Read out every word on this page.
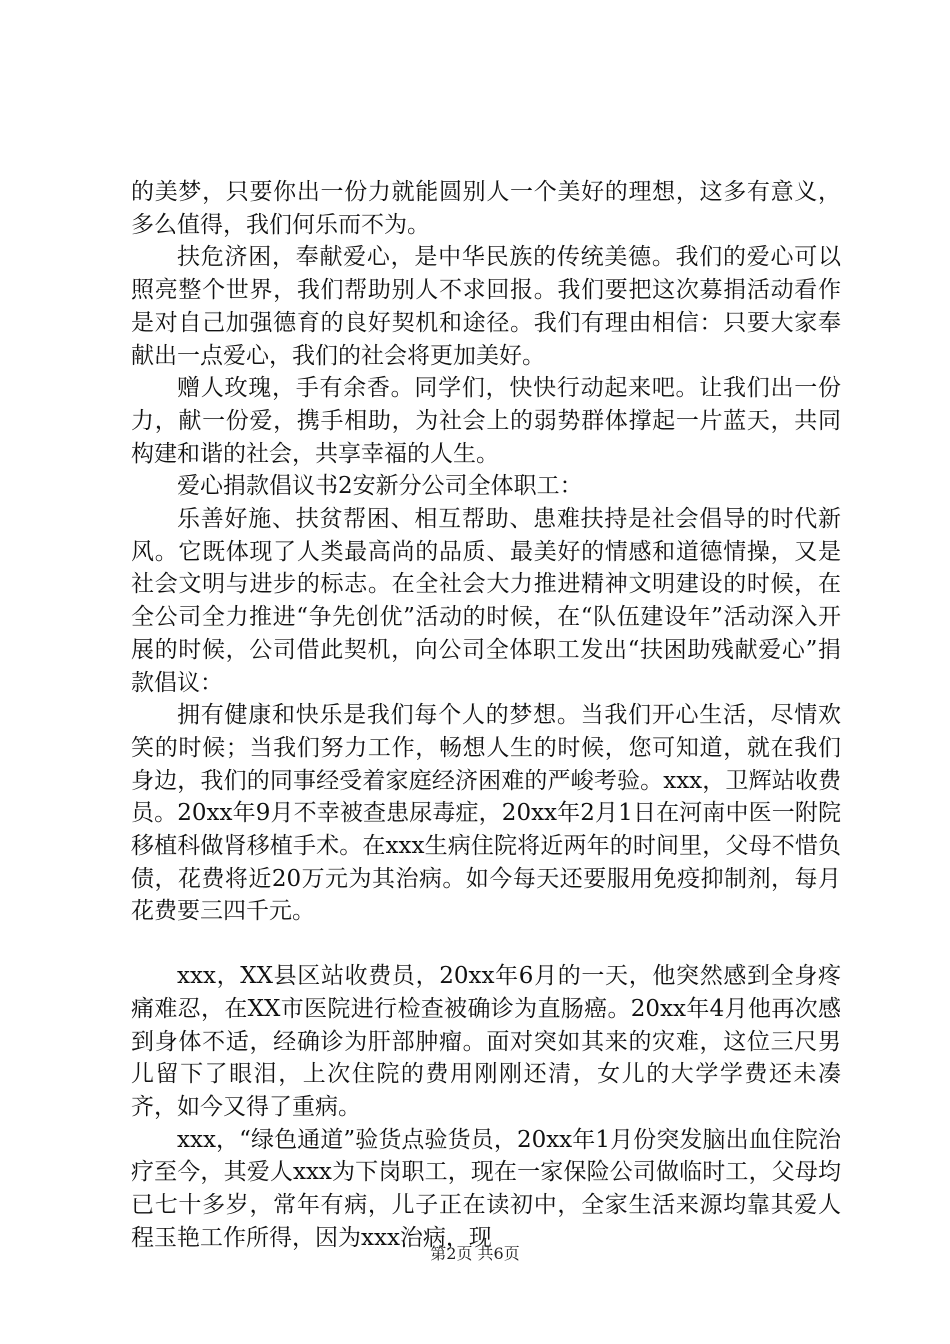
的美梦，只要你出一份力就能圆别人一个美好的理想，这多有意义，多么值得，我们何乐而不为。

扶危济困，奉献爱心，是中华民族的传统美德。我们的爱心可以照亮整个世界，我们帮助别人不求回报。我们要把这次募捐活动看作是对自己加强德育的良好契机和途径。我们有理由相信：只要大家奉献出一点爱心，我们的社会将更加美好。

赠人玫瑰，手有余香。同学们，快快行动起来吧。让我们出一份力，献一份爱，携手相助，为社会上的弱势群体撑起一片蓝天，共同构建和谐的社会，共享幸福的人生。

爱心捐款倡议书2安新分公司全体职工：

乐善好施、扶贫帮困、相互帮助、患难扶持是社会倡导的时代新风。它既体现了人类最高尚的品质、最美好的情感和道德情操，又是社会文明与进步的标志。在全社会大力推进精神文明建设的时候，在全公司全力推进“争先创优”活动的时候，在“队伍建设年”活动深入开展的时候，公司借此契机，向公司全体职工发出“扶困助残献爱心”捐款倡议：

拥有健康和快乐是我们每个人的梦想。当我们开心生活，尽情欢笑的时候；当我们努力工作，畅想人生的时候，您可知道，就在我们身边，我们的同事经受着家庭经济困难的严峻考验。xxx，卫辉站收费员。20xx年9月不幸被查患尿毒症，20xx年2月1日在河南中医一附院移植科做肾移植手术。在xxx生病住院将近两年的时间里，父母不惜负债，花费将近20万元为其治病。如今每天还要服用免疫抑制剂，每月花费要三四千元。

xxx，XX县区站收费员，20xx年6月的一天，他突然感到全身疼痛难忍，在XX市医院进行检查被确诊为直肠癌。20xx年4月他再次感到身体不适，经确诊为肝部肿瘤。面对突如其来的灾难，这位三尺男儿留下了眼泪，上次住院的费用刚刚还清，女儿的大学学费还未凑齐，如今又得了重病。

xxx，“绿色通道”验货点验货员，20xx年1月份突发脑出血住院治疗至今，其爱人xxx为下岗职工，现在一家保险公司做临时工，父母均已七十多岁，常年有病，儿子正在读初中，全家生活来源均靠其爱人程玉艳工作所得，因为xxx治病，现

第2页 共6页
